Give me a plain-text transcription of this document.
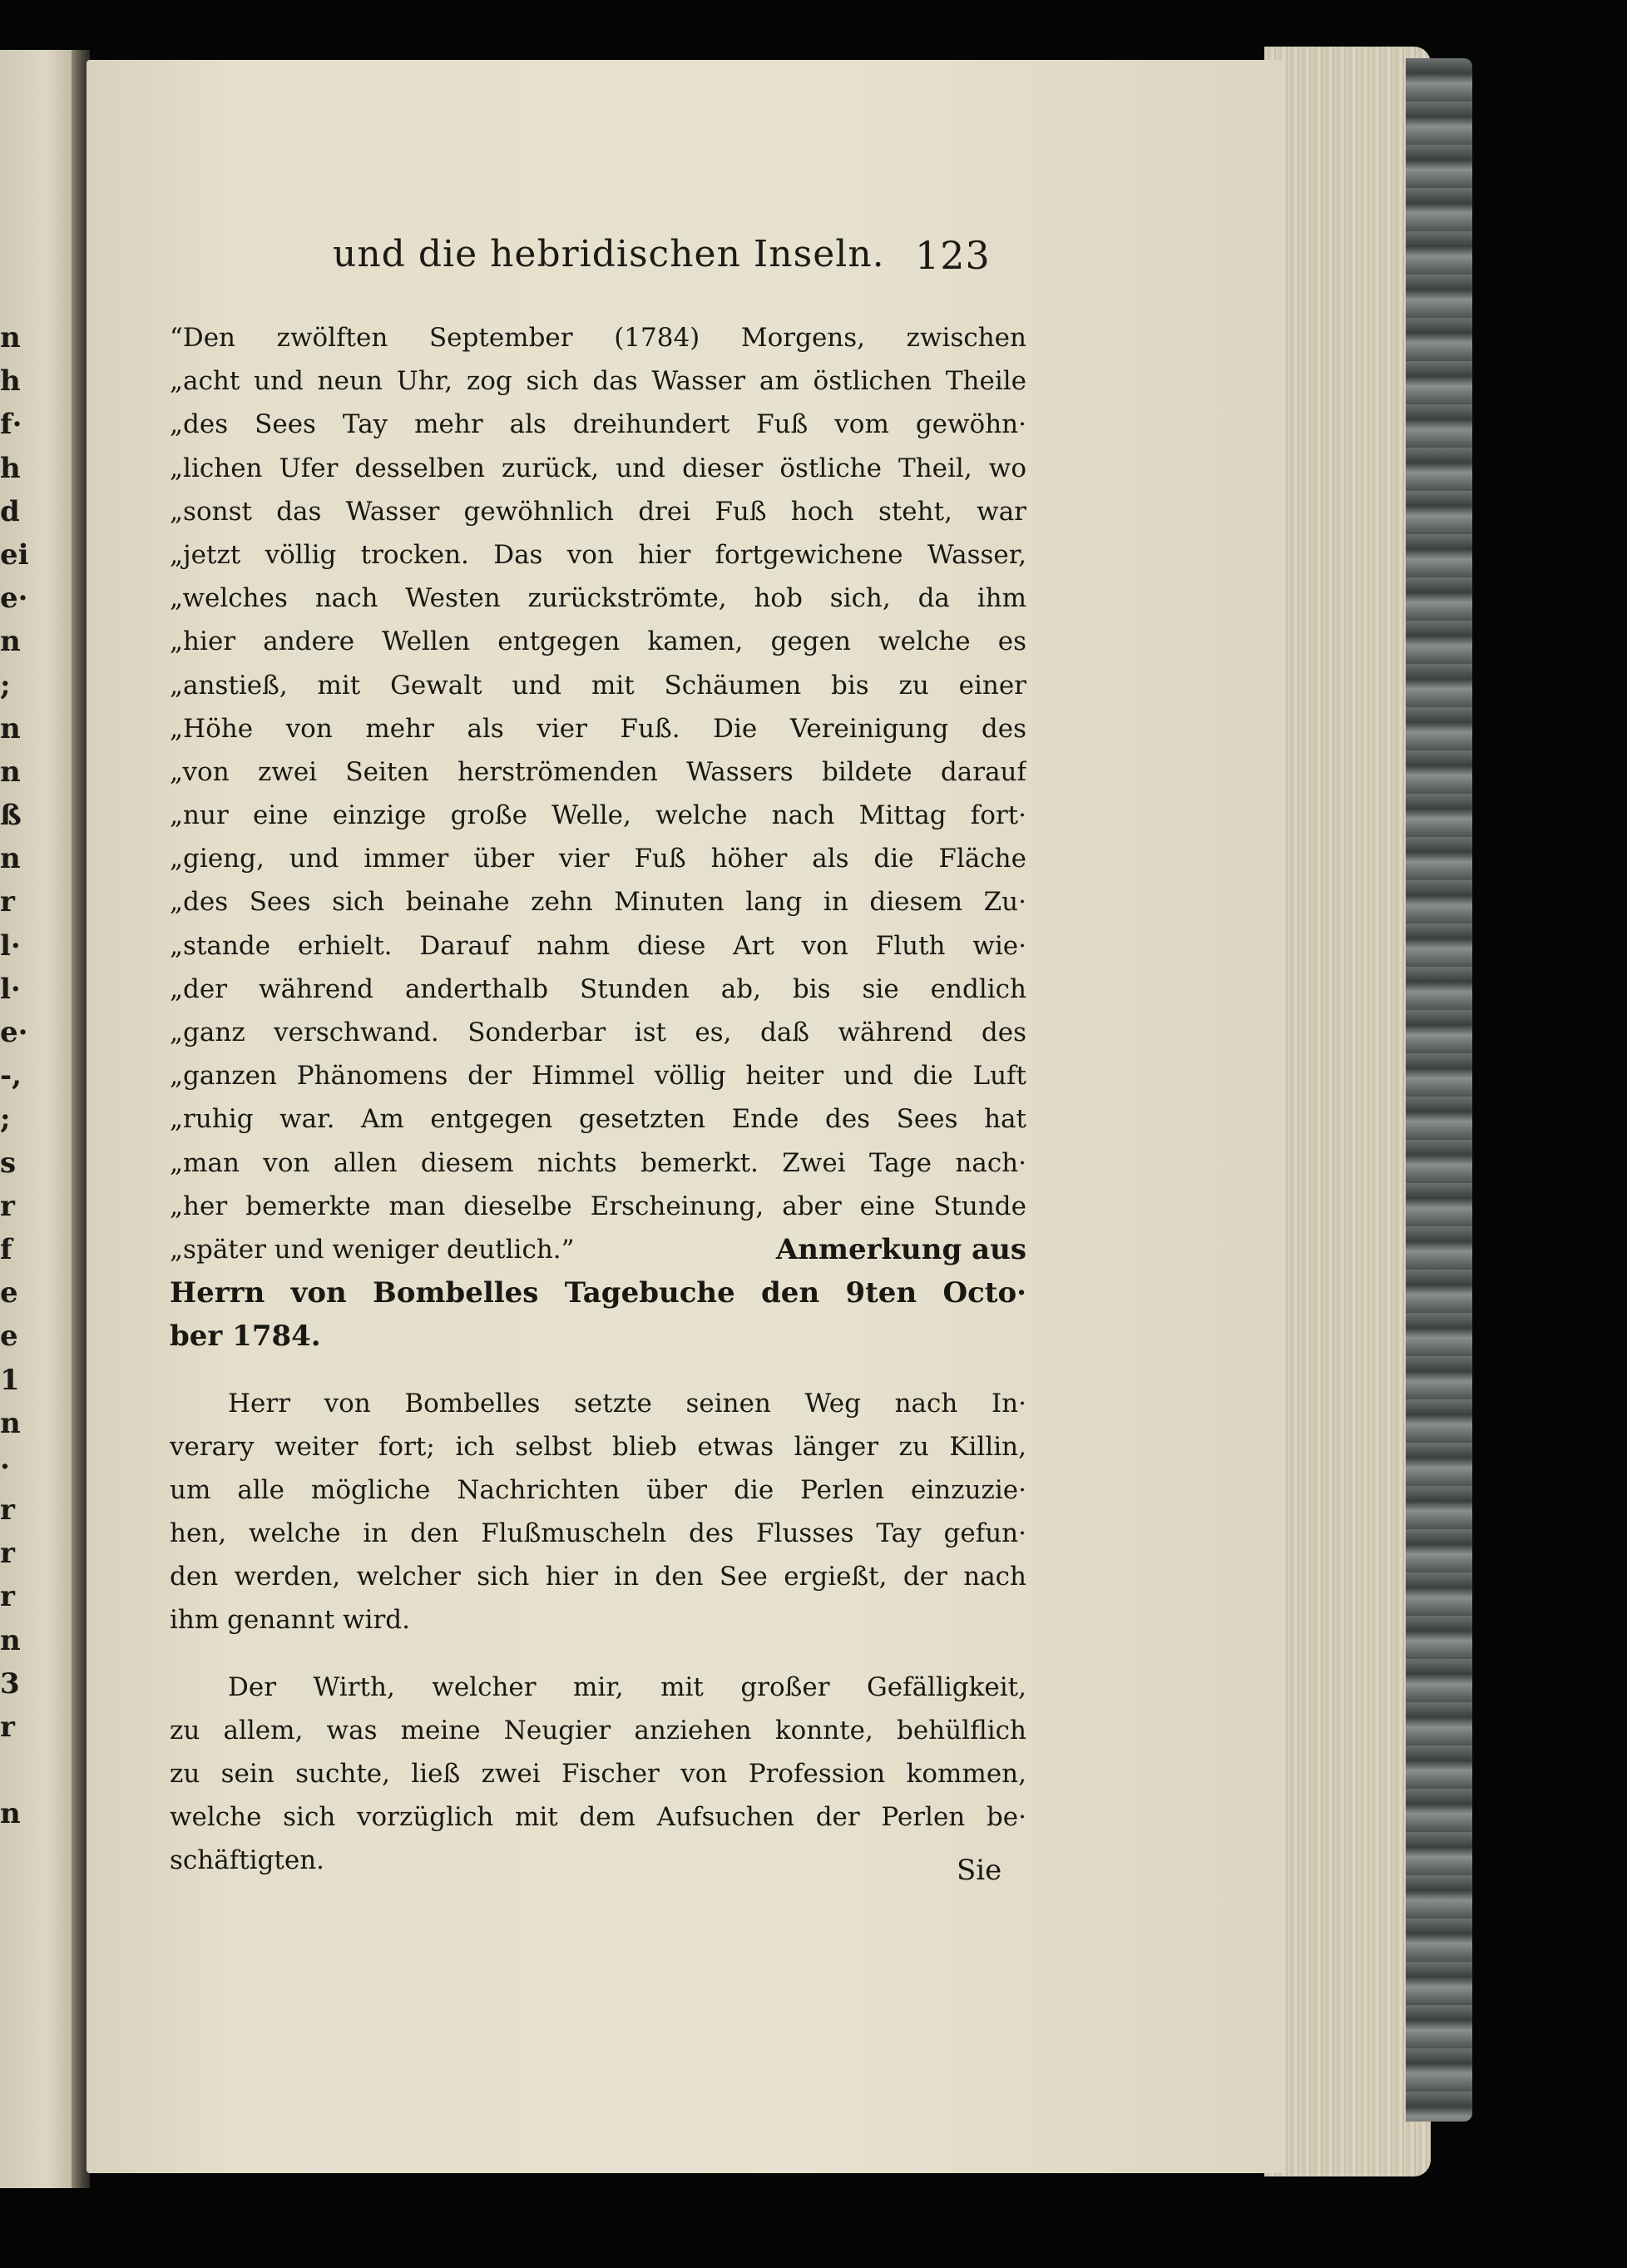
n
h
f·
h
d
ei
e·
n
;
n
n
ß
n
r
l·
l·
e·
-,
;
s
r
f
e
e
1
n
·
r
r
r
n
3
r
n
und die hebridischen Inseln. 123
“Den zwölften September (1784) Morgens, zwischen
„acht und neun Uhr, zog sich das Wasser am östlichen Theile
„des Sees Tay mehr als dreihundert Fuß vom gewöhn·
„lichen Ufer desselben zurück, und dieser östliche Theil, wo
„sonst das Wasser gewöhnlich drei Fuß hoch steht, war
„jetzt völlig trocken. Das von hier fortgewichene Wasser,
„welches nach Westen zurückströmte, hob sich, da ihm
„hier andere Wellen entgegen kamen, gegen welche es
„anstieß, mit Gewalt und mit Schäumen bis zu einer
„Höhe von mehr als vier Fuß. Die Vereinigung des
„von zwei Seiten herströmenden Wassers bildete darauf
„nur eine einzige große Welle, welche nach Mittag fort·
„gieng, und immer über vier Fuß höher als die Fläche
„des Sees sich beinahe zehn Minuten lang in diesem Zu·
„stande erhielt. Darauf nahm diese Art von Fluth wie·
„der während anderthalb Stunden ab, bis sie endlich
„ganz verschwand. Sonderbar ist es, daß während des
„ganzen Phänomens der Himmel völlig heiter und die Luft
„ruhig war. Am entgegen gesetzten Ende des Sees hat
„man von allen diesem nichts bemerkt. Zwei Tage nach·
„her bemerkte man dieselbe Erscheinung, aber eine Stunde
„später und weniger deutlich.”	Anmerkung aus
Herrn von Bombelles Tagebuche den 9ten Octo·
ber 1784.
Herr von Bombelles setzte seinen Weg nach In·
verary weiter fort; ich selbst blieb etwas länger zu Killin,
um alle mögliche Nachrichten über die Perlen einzuzie·
hen, welche in den Flußmuscheln des Flusses Tay gefun·
den werden, welcher sich hier in den See ergießt, der nach
ihm genannt wird.
Der Wirth, welcher mir, mit großer Gefälligkeit,
zu allem, was meine Neugier anziehen konnte, behülflich
zu sein suchte, ließ zwei Fischer von Profession kommen,
welche sich vorzüglich mit dem Aufsuchen der Perlen be·
schäftigten.	Sie
